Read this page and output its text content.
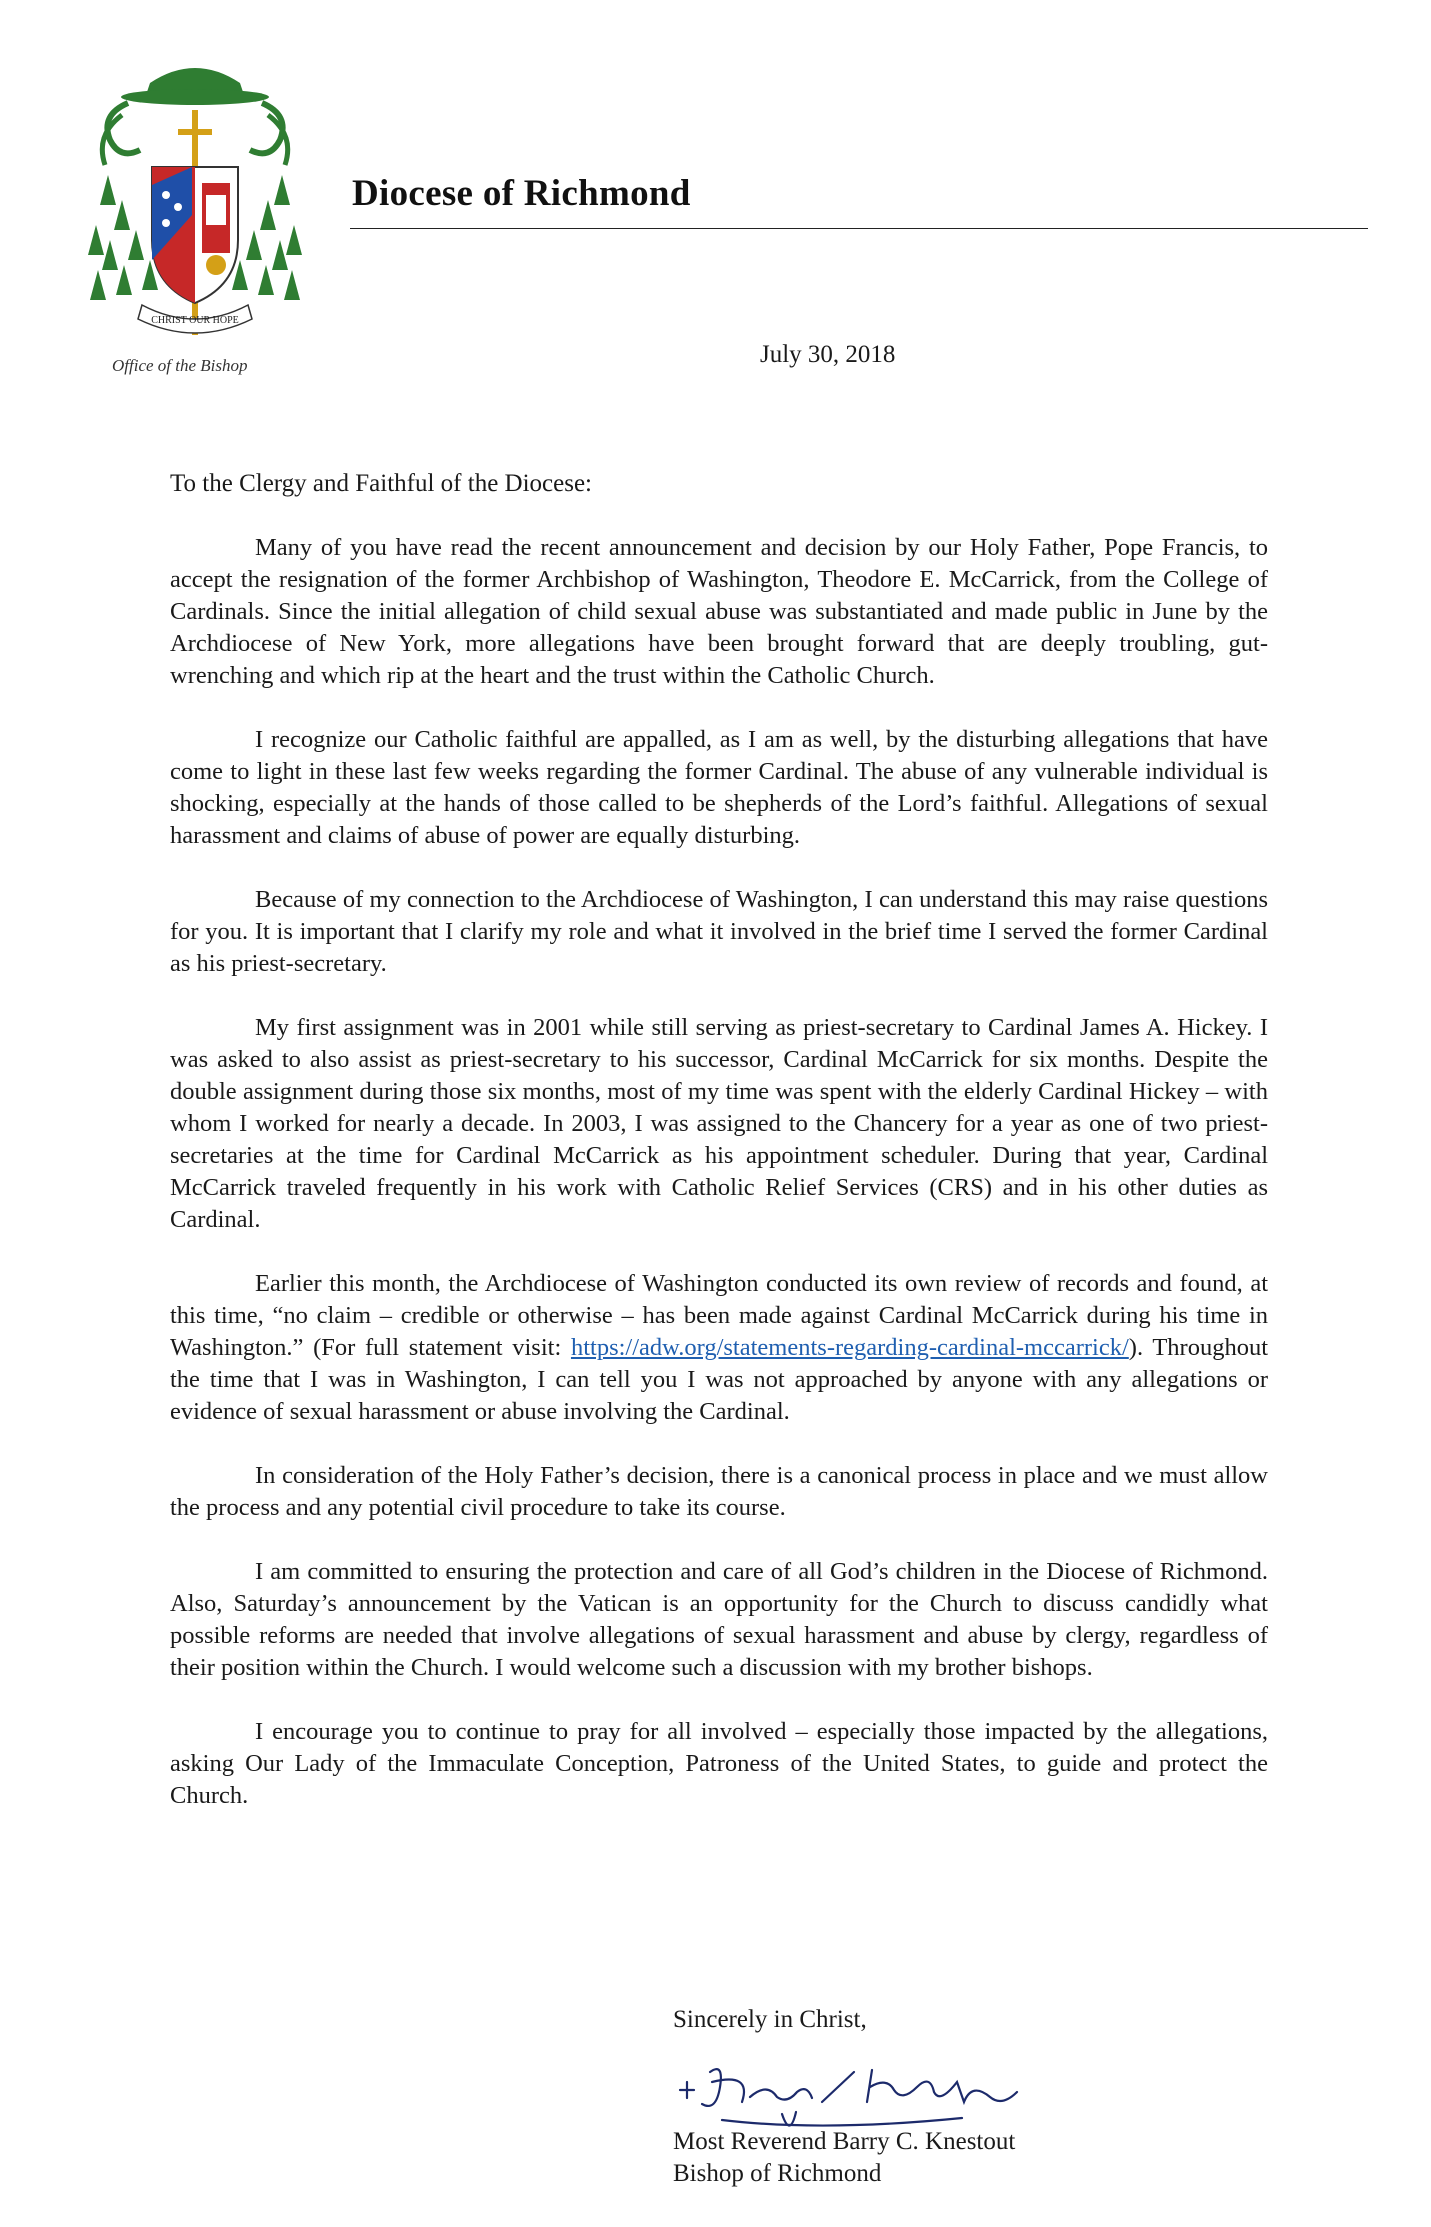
CHRIST OUR HOPE
Office of the Bishop
Diocese of Richmond
July 30, 2018
To the Clergy and Faithful of the Diocese:

Many of you have read the recent announcement and decision by our Holy Father, Pope Francis, to accept the resignation of the former Archbishop of Washington, Theodore E. McCarrick, from the College of Cardinals. Since the initial allegation of child sexual abuse was substantiated and made public in June by the Archdiocese of New York, more allegations have been brought forward that are deeply troubling, gut-wrenching and which rip at the heart and the trust within the Catholic Church.

I recognize our Catholic faithful are appalled, as I am as well, by the disturbing allegations that have come to light in these last few weeks regarding the former Cardinal. The abuse of any vulnerable individual is shocking, especially at the hands of those called to be shepherds of the Lord’s faithful. Allegations of sexual harassment and claims of abuse of power are equally disturbing.

Because of my connection to the Archdiocese of Washington, I can understand this may raise questions for you. It is important that I clarify my role and what it involved in the brief time I served the former Cardinal as his priest-secretary.

My first assignment was in 2001 while still serving as priest-secretary to Cardinal James A. Hickey. I was asked to also assist as priest-secretary to his successor, Cardinal McCarrick for six months. Despite the double assignment during those six months, most of my time was spent with the elderly Cardinal Hickey – with whom I worked for nearly a decade. In 2003, I was assigned to the Chancery for a year as one of two priest-secretaries at the time for Cardinal McCarrick as his appointment scheduler. During that year, Cardinal McCarrick traveled frequently in his work with Catholic Relief Services (CRS) and in his other duties as Cardinal.

Earlier this month, the Archdiocese of Washington conducted its own review of records and found, at this time, “no claim – credible or otherwise – has been made against Cardinal McCarrick during his time in Washington.” (For full statement visit: https://adw.org/statements-regarding-cardinal-mccarrick/). Throughout the time that I was in Washington, I can tell you I was not approached by anyone with any allegations or evidence of sexual harassment or abuse involving the Cardinal.

In consideration of the Holy Father’s decision, there is a canonical process in place and we must allow the process and any potential civil procedure to take its course.

I am committed to ensuring the protection and care of all God’s children in the Diocese of Richmond. Also, Saturday’s announcement by the Vatican is an opportunity for the Church to discuss candidly what possible reforms are needed that involve allegations of sexual harassment and abuse by clergy, regardless of their position within the Church. I would welcome such a discussion with my brother bishops.

I encourage you to continue to pray for all involved – especially those impacted by the allegations, asking Our Lady of the Immaculate Conception, Patroness of the United States, to guide and protect the Church.

Sincerely in Christ,
Most Reverend Barry C. Knestout
Bishop of Richmond
